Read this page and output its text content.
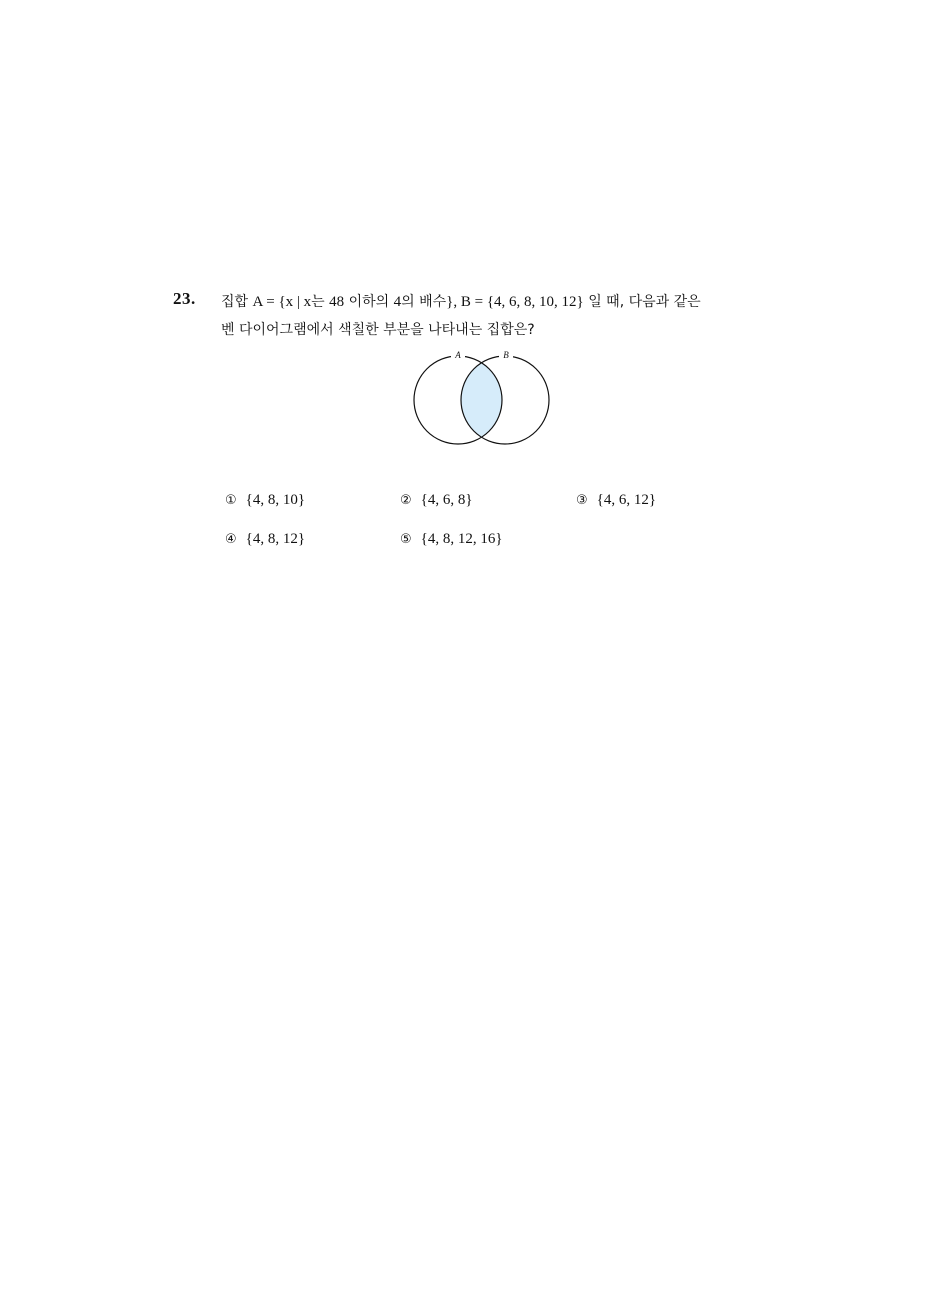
23. 집합 A = {x | x는 48 이하의 4의 배수}, B = {4, 6, 8, 10, 12} 일 때, 다음과 같은
벤 다이어그램에서 색칠한 부분을 나타내는 집합은?
A	B
① {4, 8, 10}	② {4, 6, 8}	③ {4, 6, 12}
④ {4, 8, 12}	⑤ {4, 8, 12, 16}
